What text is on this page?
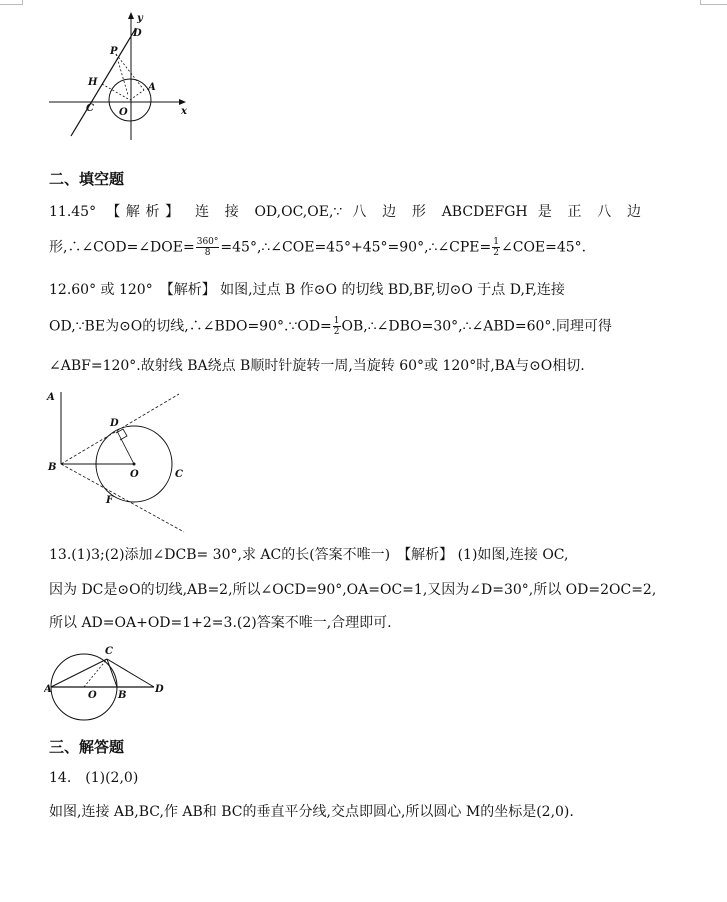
y
D
P
H	A
C	O	x
二、填空题
11.45° 【解析】 连 接 OD,OC,OE,∵ 八 边 形 ABCDEFGH 是 正 八 边
形,∴∠COD=∠DOE= $\frac{360^\circ}{8}$ =45°,∴∠COE=45°+45°=90°,∴∠CPE= $\frac{1}{2}$ ∠COE=45°.
12.60° 或 120°　【解析】 如图,过点 B 作⊙O 的切线 BD,BF,切⊙O 于点 D,F,连接
OD,∵BE为⊙O的切线,∴∠BDO=90°.∵OD= $\frac{1}{2}$ OB,∴∠DBO=30°,∴∠ABD=60°.同理可得
∠ABF=120°.故射线 BA绕点 B顺时针旋转一周,当旋转 60°或 120°时,BA与⊙O相切.
A
D
B
O	C
F
13.(1)3;(2)添加∠DCB= 30°,求 AC的长(答案不唯一)　【解析】 (1)如图,连接 OC,
因为 DC是⊙O的切线,AB=2,所以∠OCD=90°,OA=OC=1,又因为∠D=30°,所以 OD=2OC=2,
所以 AD=OA+OD=1+2=3.(2)答案不唯一,合理即可.
C
A
O B
D
三、解答题
14.　(1)(2,0)
如图,连接 AB,BC,作 AB和 BC的垂直平分线,交点即圆心,所以圆心 M的坐标是(2,0).
